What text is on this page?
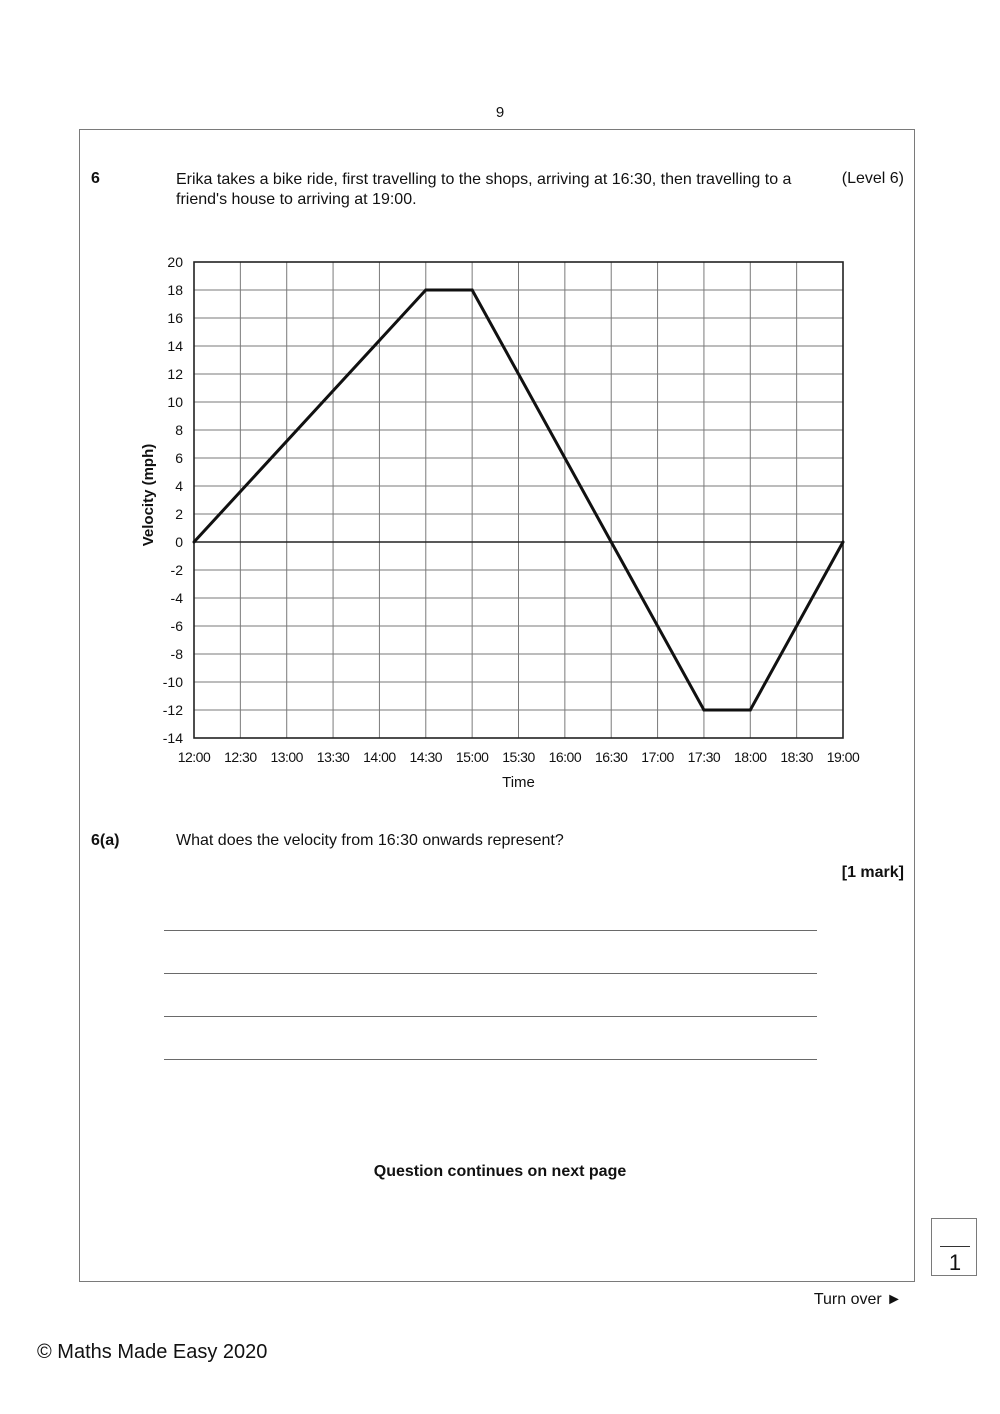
9
6	Erika takes a bike ride, first travelling to the shops, arriving at 16:30, then travelling to a friend's house to arriving at 19:00.
(Level 6)
20
18
16
14
12
10
8
6
4
2
0
-2
-4
-6
-8
-10
-12
-14
12:00 12:30 13:00 13:30 14:00 14:30 15:00 15:30 16:00 16:30 17:00 17:30 18:00 18:30 19:00
Velocity (mph)
Time
6(a)	What does the velocity from 16:30 onwards represent?
[1 mark]
Question continues on next page
1
Turn over ►
© Maths Made Easy 2020
